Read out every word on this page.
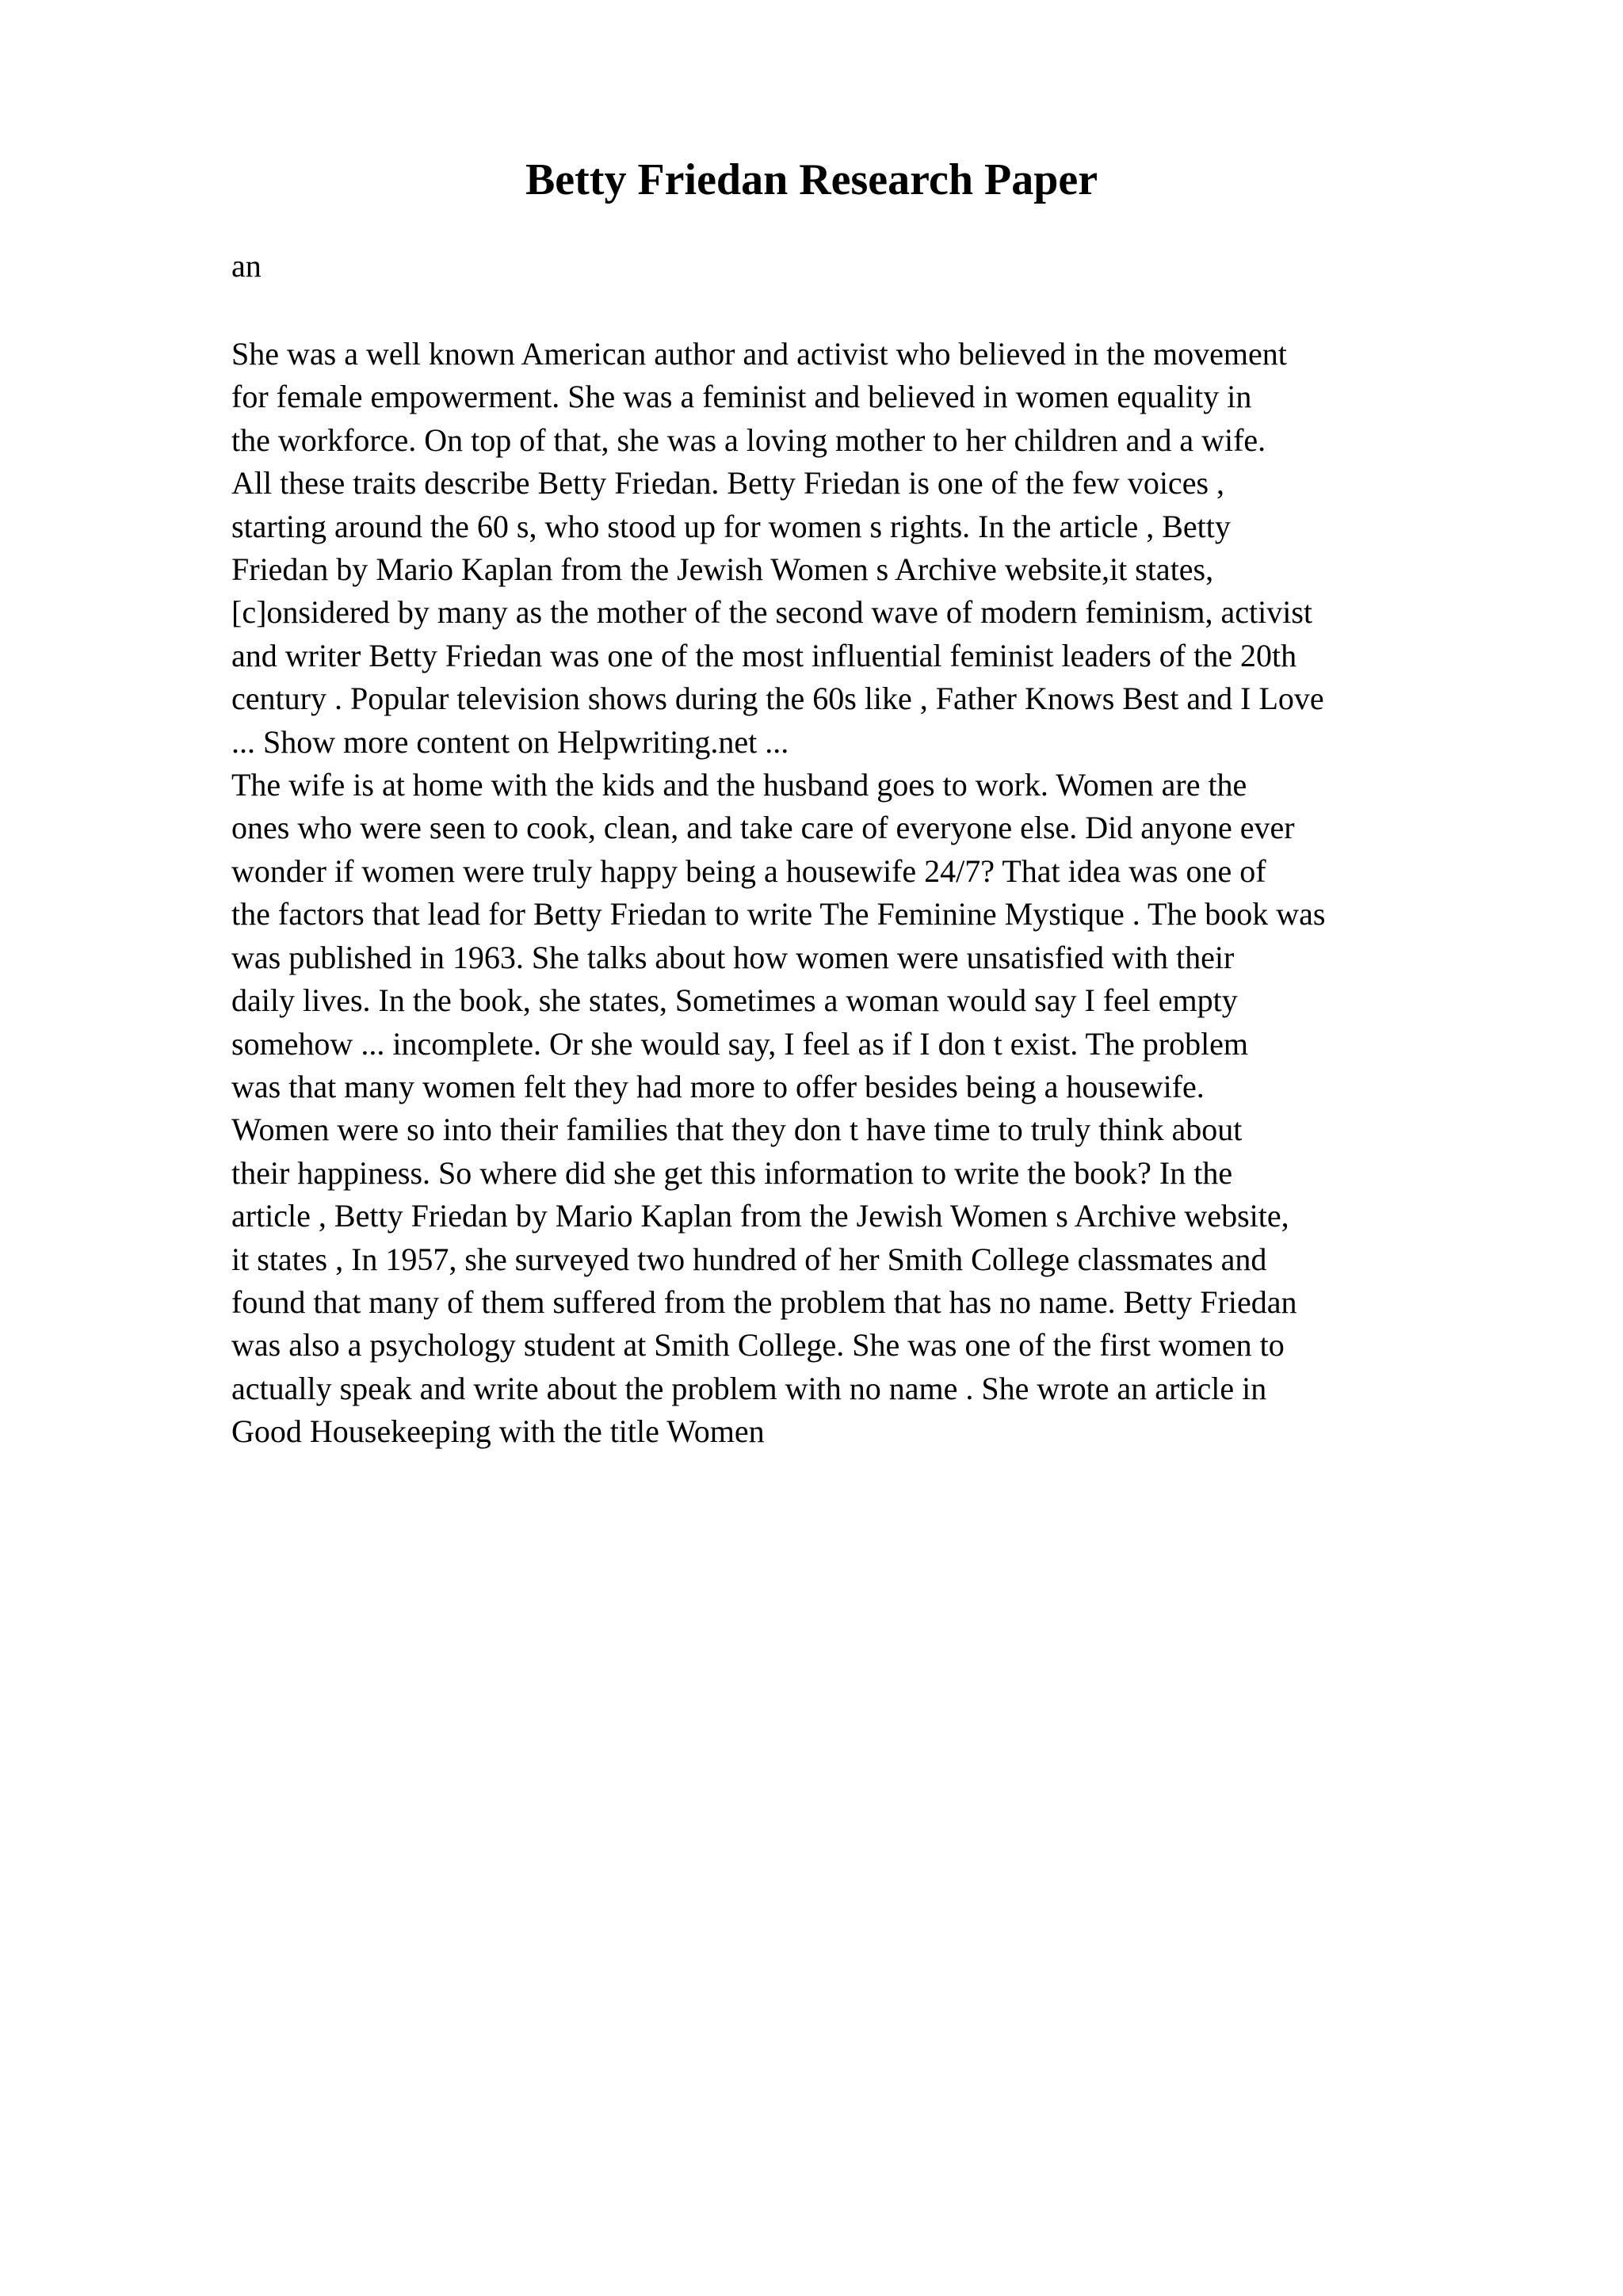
Betty Friedan Research Paper

an

She was a well known American author and activist who believed in the movement
for female empowerment. She was a feminist and believed in women equality in
the workforce. On top of that, she was a loving mother to her children and a wife.
All these traits describe Betty Friedan. Betty Friedan is one of the few voices ,
starting around the 60 s, who stood up for women s rights. In the article , Betty
Friedan by Mario Kaplan from the Jewish Women s Archive website,it states,
[c]onsidered by many as the mother of the second wave of modern feminism, activist
and writer Betty Friedan was one of the most influential feminist leaders of the 20th
century . Popular television shows during the 60s like , Father Knows Best and I Love
... Show more content on Helpwriting.net ...
The wife is at home with the kids and the husband goes to work. Women are the
ones who were seen to cook, clean, and take care of everyone else. Did anyone ever
wonder if women were truly happy being a housewife 24/7? That idea was one of
the factors that lead for Betty Friedan to write The Feminine Mystique . The book was
was published in 1963. She talks about how women were unsatisfied with their
daily lives. In the book, she states, Sometimes a woman would say I feel empty
somehow ... incomplete. Or she would say, I feel as if I don t exist. The problem
was that many women felt they had more to offer besides being a housewife.
Women were so into their families that they don t have time to truly think about
their happiness. So where did she get this information to write the book? In the
article , Betty Friedan by Mario Kaplan from the Jewish Women s Archive website,
it states , In 1957, she surveyed two hundred of her Smith College classmates and
found that many of them suffered from the problem that has no name. Betty Friedan
was also a psychology student at Smith College. She was one of the first women to
actually speak and write about the problem with no name . She wrote an article in
Good Housekeeping with the title Women
